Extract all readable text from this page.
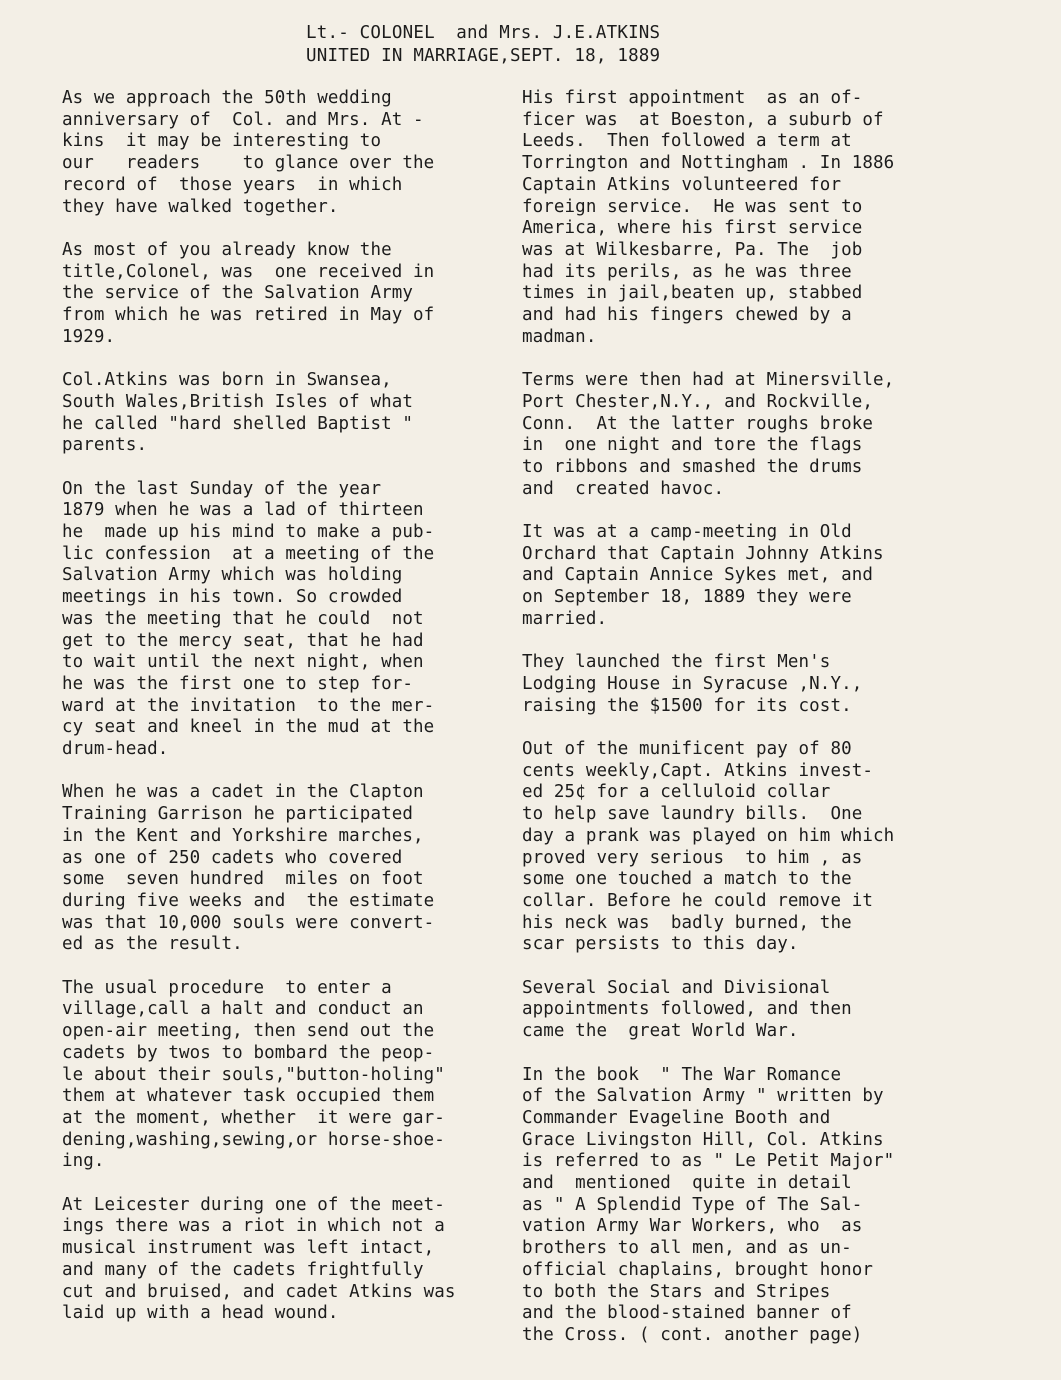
Lt.- COLONEL  and Mrs. J.E.ATKINS
UNITED IN MARRIAGE,SEPT. 18, 1889
As we approach the 50th wedding
anniversary of  Col. and Mrs. At -
kins  it may be interesting to
our   readers    to glance over the
record of  those years  in which
they have walked together.
As most of you already know the
title,Colonel, was  one received in
the service of the Salvation Army
from which he was retired in May of
1929.
Col.Atkins was born in Swansea,
South Wales,British Isles of what
he called "hard shelled Baptist "
parents.
On the last Sunday of the year
1879 when he was a lad of thirteen
he  made up his mind to make a pub-
lic confession  at a meeting of the
Salvation Army which was holding
meetings in his town. So crowded
was the meeting that he could  not
get to the mercy seat, that he had
to wait until the next night, when
he was the first one to step for-
ward at the invitation  to the mer-
cy seat and kneel in the mud at the
drum-head.
When he was a cadet in the Clapton
Training Garrison he participated
in the Kent and Yorkshire marches,
as one of 250 cadets who covered
some  seven hundred  miles on foot
during five weeks and  the estimate
was that 10,000 souls were convert-
ed as the result.
The usual procedure  to enter a
village,call a halt and conduct an
open-air meeting, then send out the
cadets by twos to bombard the peop-
le about their souls,"button-holing"
them at whatever task occupied them
at the moment, whether  it were gar-
dening,washing,sewing,or horse-shoe-
ing.
At Leicester during one of the meet-
ings there was a riot in which not a
musical instrument was left intact,
and many of the cadets frightfully
cut and bruised, and cadet Atkins was
laid up with a head wound.
His first appointment  as an of-
ficer was  at Boeston, a suburb of
Leeds.  Then followed a term at
Torrington and Nottingham . In 1886
Captain Atkins volunteered for
foreign service.  He was sent to
America, where his first service
was at Wilkesbarre, Pa. The  job
had its perils, as he was three
times in jail,beaten up, stabbed
and had his fingers chewed by a
madman.
Terms were then had at Minersville,
Port Chester,N.Y., and Rockville,
Conn.  At the latter roughs broke
in  one night and tore the flags
to ribbons and smashed the drums
and  created havoc.
It was at a camp-meeting in Old
Orchard that Captain Johnny Atkins
and Captain Annice Sykes met, and
on September 18, 1889 they were
married.
They launched the first Men's
Lodging House in Syracuse ,N.Y.,
raising the $1500 for its cost.
Out of the munificent pay of 80
cents weekly,Capt. Atkins invest-
ed 25¢ for a celluloid collar
to help save laundry bills.  One
day a prank was played on him which
proved very serious  to him , as
some one touched a match to the
collar. Before he could remove it
his neck was  badly burned, the
scar persists to this day.
Several Social and Divisional
appointments followed, and then
came the  great World War.
In the book  " The War Romance
of the Salvation Army " written by
Commander Evageline Booth and
Grace Livingston Hill, Col. Atkins
is referred to as " Le Petit Major"
and  mentioned  quite in detail
as " A Splendid Type of The Sal-
vation Army War Workers, who  as
brothers to all men, and as un-
official chaplains, brought honor
to both the Stars and Stripes
and the blood-stained banner of
the Cross. ( cont. another page)
